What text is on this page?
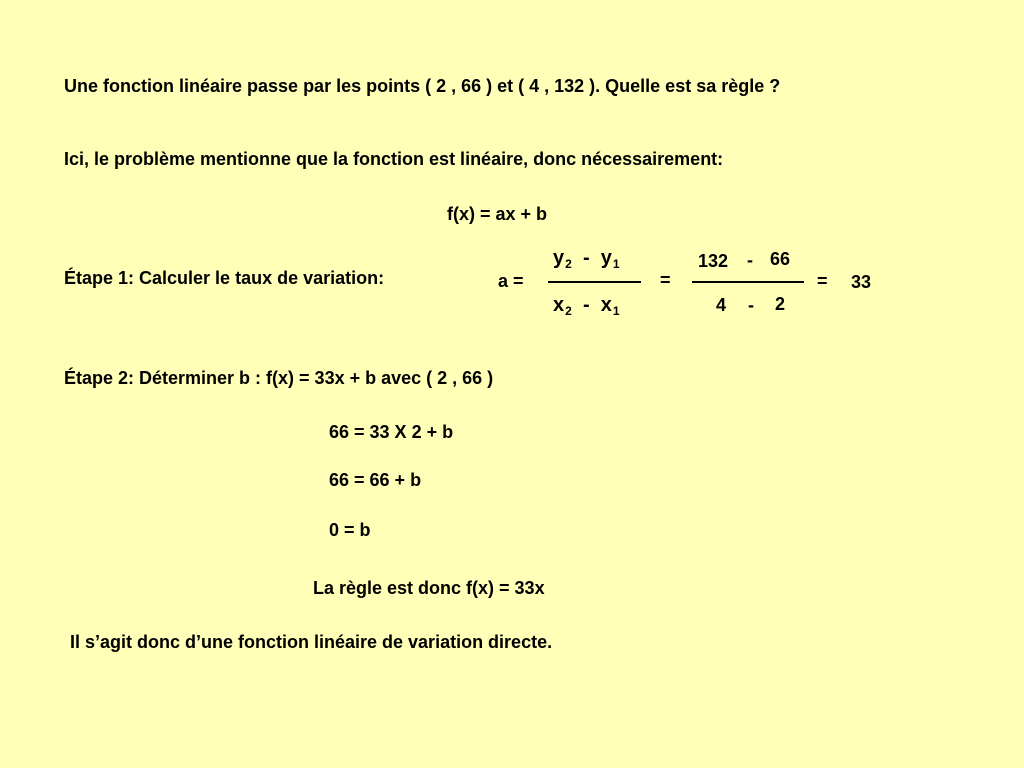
Une fonction linéaire passe par les points ( 2 , 66 ) et ( 4 , 132 ). Quelle est sa règle ?
Ici, le problème mentionne que la fonction est linéaire, donc nécessairement:
f(x) = ax + b
Étape 1: Calculer le taux de variation:	a =
$y_2 - y_1$
$x_2 - x_1$
=
132 - 66
4 - 2
= 33
Étape 2: Déterminer b : f(x) = 33x + b avec ( 2 , 66 )
66 = 33 X 2 + b
66 = 66 + b
0 = b
La règle est donc f(x) = 33x
Il s’agit donc d’une fonction linéaire de variation directe.
